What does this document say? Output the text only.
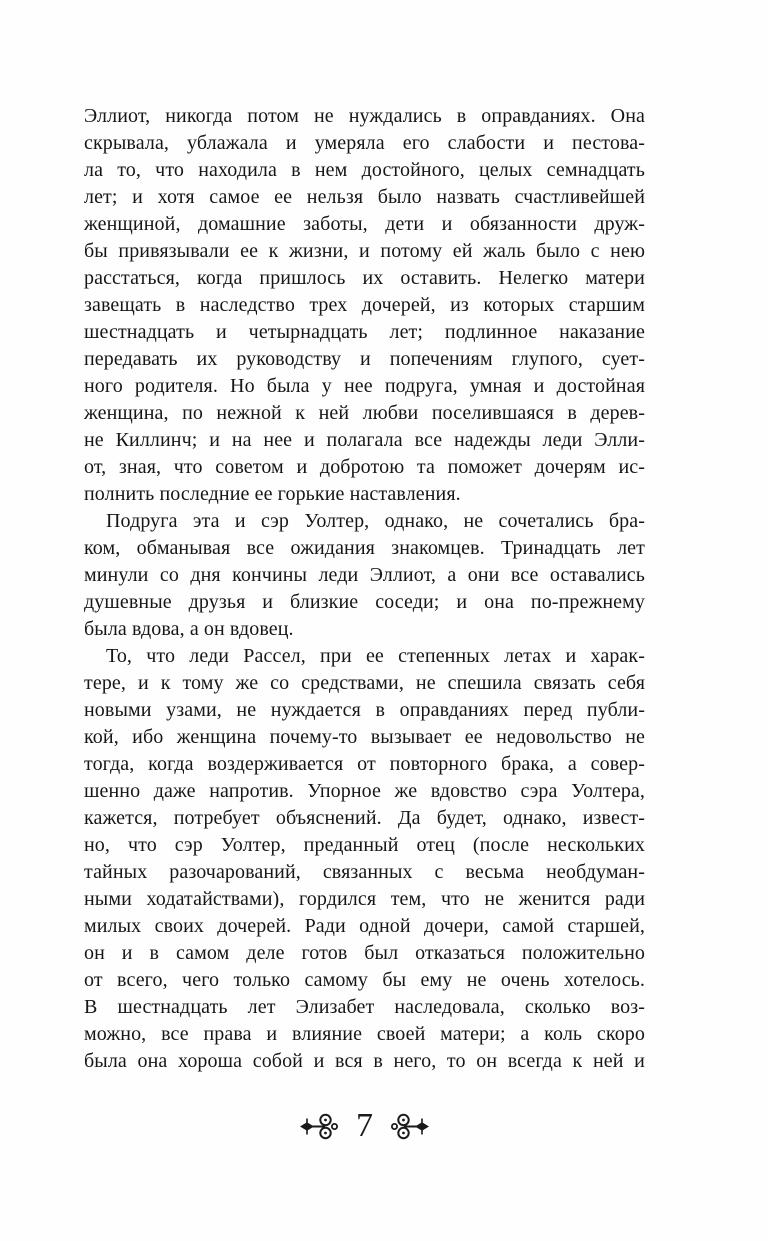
Эллиот, никогда потом не нуждались в оправданиях. Она
скрывала, ублажала и умеряла его слабости и пестова-
ла то, что находила в нем достойного, целых семнадцать
лет; и хотя самое ее нельзя было назвать счастливейшей
женщиной, домашние заботы, дети и обязанности друж-
бы привязывали ее к жизни, и потому ей жаль было с нею
расстаться, когда пришлось их оставить. Нелегко матери
завещать в наследство трех дочерей, из которых старшим
шестнадцать и четырнадцать лет; подлинное наказание
передавать их руководству и попечениям глупого, сует-
ного родителя. Но была у нее подруга, умная и достойная
женщина, по нежной к ней любви поселившаяся в дерев-
не Киллинч; и на нее и полагала все надежды леди Элли-
от, зная, что советом и добротою та поможет дочерям ис-
полнить последние ее горькие наставления.
Подруга эта и сэр Уолтер, однако, не сочетались бра-
ком, обманывая все ожидания знакомцев. Тринадцать лет
минули со дня кончины леди Эллиот, а они все оставались
душевные друзья и близкие соседи; и она по-прежнему
была вдова, а он вдовец.
То, что леди Рассел, при ее степенных летах и харак-
тере, и к тому же со средствами, не спешила связать себя
новыми узами, не нуждается в оправданиях перед публи-
кой, ибо женщина почему-то вызывает ее недовольство не
тогда, когда воздерживается от повторного брака, а совер-
шенно даже напротив. Упорное же вдовство сэра Уолтера,
кажется, потребует объяснений. Да будет, однако, извест-
но, что сэр Уолтер, преданный отец (после нескольких
тайных разочарований, связанных с весьма необдуман-
ными ходатайствами), гордился тем, что не женится ради
милых своих дочерей. Ради одной дочери, самой старшей,
он и в самом деле готов был отказаться положительно
от всего, чего только самому бы ему не очень хотелось.
В шестнадцать лет Элизабет наследовала, сколько воз-
можно, все права и влияние своей матери; а коль скоро
была она хороша собой и вся в него, то он всегда к ней и
7
